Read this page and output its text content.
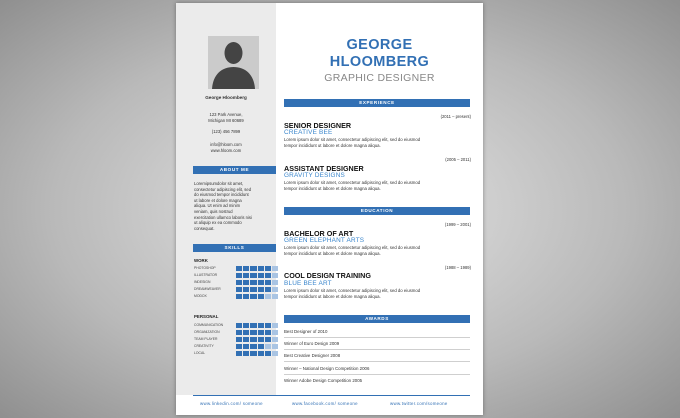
George Hloomberg
123 Park Avenue,
Michigan MI 60689
(123) 456 7899
info@hloom.com
www.hloom.com
ABOUT ME
Loremipsumdolor sit amet,
consectetur adipiscing elit, sed
do eiusmod tempor incididunt
ut labore et dolore magna
aliqua. Ut enim ad minim
veniam, quis nostrud
exercitation ullamco laboris nisi
ut aliquip ex ea commodo
consequat.
SKILLS
WORK
PHOTOSHOP
ILLUSTRATOR
INDESIGN
DREAMWEAVER
MODOX
PERSONAL
COMMUNICATION
ORGANIZATION
TEAM PLAYER
CREATIVITY
LOCAL
GEORGE
HLOOMBERG
GRAPHIC DESIGNER
EXPERIENCE
(2011 – present)
SENIOR DESIGNER
CREATIVE BEE
Lorem ipsum dolor sit amet, consectetur adipiscing elit, sed do eiusmod
tempor incididunt ut labore et dolore magna aliqua.
(2005 – 2011)
ASSISTANT DESIGNER
GRAVITY DESIGNS
Lorem ipsum dolor sit amet, consectetur adipiscing elit, sed do eiusmod
tempor incididunt ut labore et dolore magna aliqua.
EDUCATION
(1999 – 2001)
BACHELOR OF ART
GREEN ELEPHANT ARTS
Lorem ipsum dolor sit amet, consectetur adipiscing elit, sed do eiusmod
tempor incididunt ut labore et dolore magna aliqua.
(1988 – 1989)
COOL DESIGN TRAINING
BLUE BEE ART
Lorem ipsum dolor sit amet, consectetur adipiscing elit, sed do eiusmod
tempor incididunt ut labore et dolore magna aliqua.
AWARDS
Best Designer of 2010
Winner of Euro Design 2009
Best Creative Designer 2008
Winner – National Design Competition 2006
Winner Adobe Design Competition 2005
www.linkedin.com/ someone	www.facebook.com/ someone	www.twitter.com/someone
